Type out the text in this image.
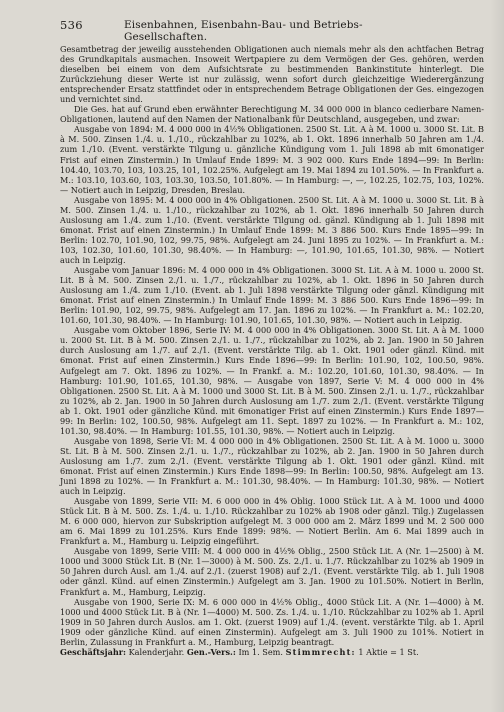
536	Eisenbahnen, Eisenbahn-Bau- und Betriebs-Gesellschaften.

Gesamtbetrag der jeweilig ausstehenden Obligationen auch niemals mehr als den achtfachen Betrag des Grundkapitals ausmachen. Insoweit Wertpapiere zu dem Vermögen der Ges. gehören, werden dieselben bei einem von dem Aufsichtsrate zu bestimmenden Bankinstitute hinterlegt. Die Zurückziehung dieser Werte ist nur zulässig, wenn sofort durch gleichzeitige Wiederergänzung entsprechender Ersatz stattfindet oder in entsprechendem Betrage Obligationen der Ges. eingezogen und vernichtet sind.

Die Ges. hat auf Grund eben erwähnter Berechtigung M. 34 000 000 in blanco cedierbare Namen-Obligationen, lautend auf den Namen der Nationalbank für Deutschland, ausgegeben, und zwar:

Ausgabe von 1894: M. 4 000 000 in 4½% Obligationen. 2500 St. Lit. A à M. 1000 u. 3000 St. Lit. B à M. 500. Zinsen 1./4. u. 1./10., rückzahlbar zu 102%, ab 1. Okt. 1896 innerhalb 50 Jahren am 1./4. zum 1./10. (Event. verstärkte Tilgung u. gänzliche Kündigung vom 1. Juli 1898 ab mit 6monatiger Frist auf einen Zinstermin.) In Umlauf Ende 1899: M. 3 902 000. Kurs Ende 1894—99: In Berlin: 104.40, 103.70, 103, 103.25, 101, 102.25%. Aufgelegt am 19. Mai 1894 zu 101.50%. — In Frankfurt a. M.: 103.10, 103.60, 103, 103.30, 103.50, 101.80%. — In Hamburg: —, —, 102.25, 102.75, 103, 102%. — Notiert auch in Leipzig, Dresden, Breslau.

Ausgabe von 1895: M. 4 000 000 in 4% Obligationen. 2500 St. Lit. A à M. 1000 u. 3000 St. Lit. B à M. 500. Zinsen 1./4. u. 1./10., rückzahlbar zu 102%, ab 1. Okt. 1896 innerhalb 50 Jahren durch Auslosung am 1./4. zum 1./10. (Event. verstärkte Tilgung od. gänzl. Kündigung ab 1. Juli 1898 mit 6monat. Frist auf einen Zinstermin.) In Umlauf Ende 1899: M. 3 886 500. Kurs Ende 1895—99: In Berlin: 102.70, 101.90, 102, 99.75, 98%. Aufgelegt am 24. Juni 1895 zu 102%. — In Frankfurt a. M.: 103, 102.30, 101.60, 101.30, 98.40%. — In Hamburg: —, 101.90, 101.65, 101.30, 98%. — Notiert auch in Leipzig.

Ausgabe vom Januar 1896: M. 4 000 000 in 4% Obligationen. 3000 St. Lit. A à M. 1000 u. 2000 St. Lit. B à M. 500. Zinsen 2./1. u. 1./7., rückzahlbar zu 102%, ab 1. Okt. 1896 in 50 Jahren durch Auslosung am 1./4. zum 1./10. (Event. ab 1. Juli 1898 verstärkte Tilgung oder gänzl. Kündigung mit 6monat. Frist auf einen Zinstermin.) In Umlauf Ende 1899: M. 3 886 500. Kurs Ende 1896—99: In Berlin: 101.90, 102, 99.75, 98%. Aufgelegt am 17. Jan. 1896 zu 102%. — In Frankfurt a. M.: 102.20, 101.60, 101.30, 98.40%. — In Hamburg: 101.90, 101.65, 101.30, 98%. — Notiert auch in Leipzig.

Ausgabe vom Oktober 1896, Serie IV: M. 4 000 000 in 4% Obligationen. 3000 St. Lit. A à M. 1000 u. 2000 St. Lit. B à M. 500. Zinsen 2./1. u. 1./7., rückzahlbar zu 102%, ab 2. Jan. 1900 in 50 Jahren durch Auslosung am 1./7. auf 2./1. (Event. verstärkte Tilg. ab 1. Okt. 1901 oder gänzl. Künd. mit 6monat. Frist auf einen Zinstermin.) Kurs Ende 1896—99: In Berlin: 101.90, 102, 100.50, 98%. Aufgelegt am 7. Okt. 1896 zu 102%. — In Frankf. a. M.: 102.20, 101.60, 101.30, 98.40%. — In Hamburg: 101.90, 101.65, 101.30, 98%. — Ausgabe von 1897, Serie V: M. 4 000 000 in 4% Obligationen. 2500 St. Lit. A à M. 1000 und 3000 St. Lit. B à M. 500. Zinsen 2./1. u. 1./7., rückzahlbar zu 102%, ab 2. Jan. 1900 in 50 Jahren durch Auslosung am 1./7. zum 2./1. (Event. verstärkte Tilgung ab 1. Okt. 1901 oder gänzliche Künd. mit 6monatiger Frist auf einen Zinstermin.) Kurs Ende 1897—99: In Berlin: 102, 100.50, 98%. Aufgelegt am 11. Sept. 1897 zu 102%. — In Frankfurt a. M.: 102, 101.30, 98.40%. — In Hamburg: 101.55, 101.30, 98%. — Notiert auch in Leipzig.

Ausgabe von 1898, Serie VI: M. 4 000 000 in 4% Obligationen. 2500 St. Lit. A à M. 1000 u. 3000 St. Lit. B à M. 500. Zinsen 2./1. u. 1./7., rückzahlbar zu 102%, ab 2. Jan. 1900 in 50 Jahren durch Auslosung am 1./7. zum 2./1. (Event. verstärkte Tilgung ab 1. Okt. 1901 oder gänzl. Künd. mit 6monat. Frist auf einen Zinstermin.) Kurs Ende 1898—99: In Berlin: 100.50, 98%. Aufgelegt am 13. Juni 1898 zu 102%. — In Frankfurt a. M.: 101.30, 98.40%. — In Hamburg: 101.30, 98%. — Notiert auch in Leipzig.

Ausgabe von 1899, Serie VII: M. 6 000 000 in 4% Oblig. 1000 Stück Lit. A à M. 1000 und 4000 Stück Lit. B à M. 500. Zs. 1./4. u. 1./10. Rückzahlbar zu 102% ab 1908 oder gänzl. Tilg.) Zugelassen M. 6 000 000, hiervon zur Subskription aufgelegt M. 3 000 000 am 2. März 1899 und M. 2 500 000 am 6. Mai 1899 zu 101.25%. Kurs Ende 1899: 98%. — Notiert Berlin. Am 6. Mai 1899 auch in Frankfurt a. M., Hamburg u. Leipzig eingeführt.

Ausgabe von 1899, Serie VIII: M. 4 000 000 in 4½% Oblig., 2500 Stück Lit. A (Nr. 1—2500) à M. 1000 und 3000 Stück Lit. B (Nr. 1—3000) à M. 500. Zs. 2./1. u. 1./7. Rückzahlbar zu 102% ab 1909 in 50 Jahren durch Ausl. am 1./4. auf 2./1. (zuerst 1908) auf 2./1. (Event. verstärkte Tilg. ab 1. Juli 1908 oder gänzl. Künd. auf einen Zinstermin.) Aufgelegt am 3. Jan. 1900 zu 101.50%. Notiert in Berlin, Frankfurt a. M., Hamburg, Leipzig.

Ausgabe von 1900, Serie IX: M. 6 000 000 in 4½% Oblig., 4000 Stück Lit. A (Nr. 1—4000) à M. 1000 und 4000 Stück Lit. B à (Nr. 1—4000) M. 500. Zs. 1./4. u. 1./10. Rückzahlbar zu 102% ab 1. April 1909 in 50 Jahren durch Auslos. am 1. Okt. (zuerst 1909) auf 1./4. (event. verstärkte Tilg. ab 1. April 1909 oder gänzliche Künd. auf einen Zinstermin). Aufgelegt am 3. Juli 1900 zu 101%. Notiert in Berlin, Zulassung in Frankfurt a. M., Hamburg, Leipzig beantragt.

Geschäftsjahr: Kalenderjahr. Gen.-Vers.: Im 1. Sem. Stimmrecht: 1 Aktie = 1 St.
